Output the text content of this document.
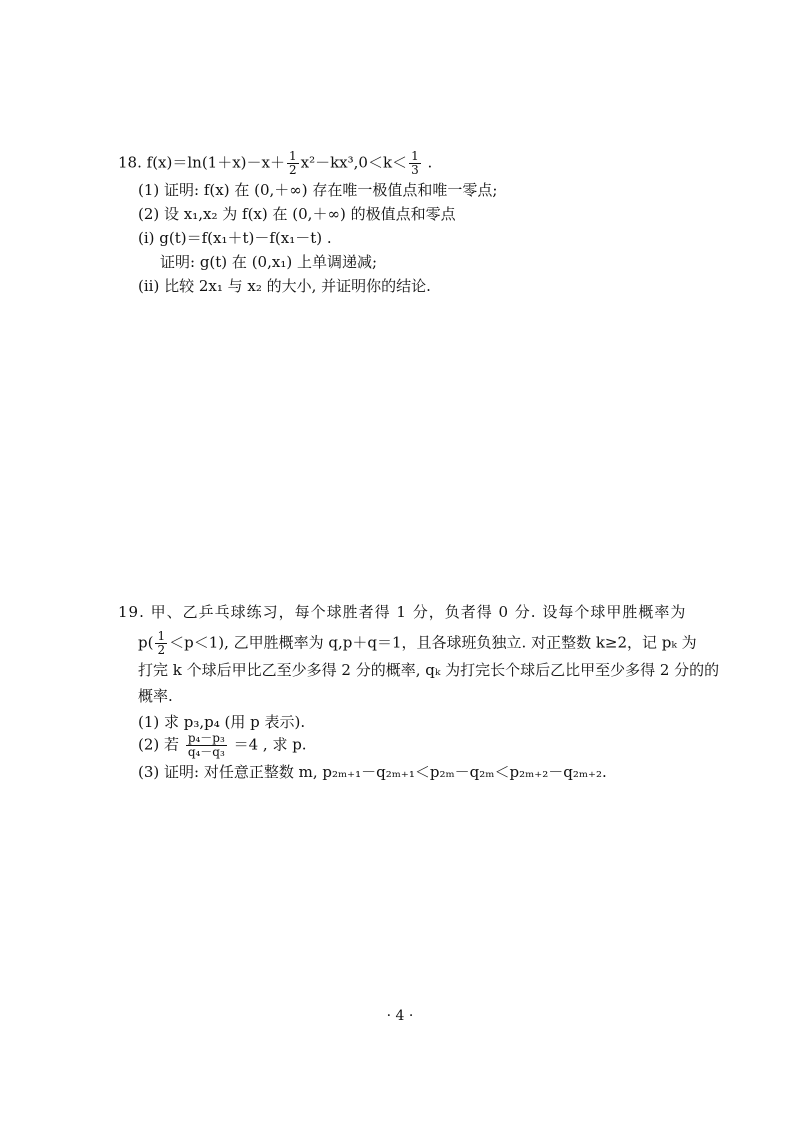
18. $f(x)=\ln(1+x)-x+ \frac{1}{2} x^2-kx^3,0<k< \frac{1}{3}$ .
(1) 证明: f(x) 在 (0,＋∞) 存在唯一极值点和唯一零点;
(2) 设 x₁,x₂ 为 f(x) 在 (0,＋∞) 的极值点和零点
(i) g(t)＝f(x₁＋t)－f(x₁－t) .
证明: g(t) 在 (0,x₁) 上单调递减;
(ii) 比较 2x₁ 与 x₂ 的大小, 并证明你的结论.
19. 甲、乙乒乓球练习，每个球胜者得 1 分，负者得 0 分. 设每个球甲胜概率为
$p( \frac{1}{2} <p<1)$, 乙甲胜概率为 q,p＋q＝1，且各球班负独立. 对正整数 k≥2，记 pₖ 为
打完 k 个球后甲比乙至少多得 2 分的概率, qₖ 为打完长个球后乙比甲至少多得 2 分的的
概率.
(1) 求 p₃,p₄ (用 p 表示).
(2) 若 $\frac{\text{p₄－p₃}}{\text{q₄－q₃}} =4$ , 求 p.
(3) 证明: 对任意正整数 m, p₂ₘ₊₁－q₂ₘ₊₁＜p₂ₘ－q₂ₘ＜p₂ₘ₊₂－q₂ₘ₊₂.
· 4 ·
